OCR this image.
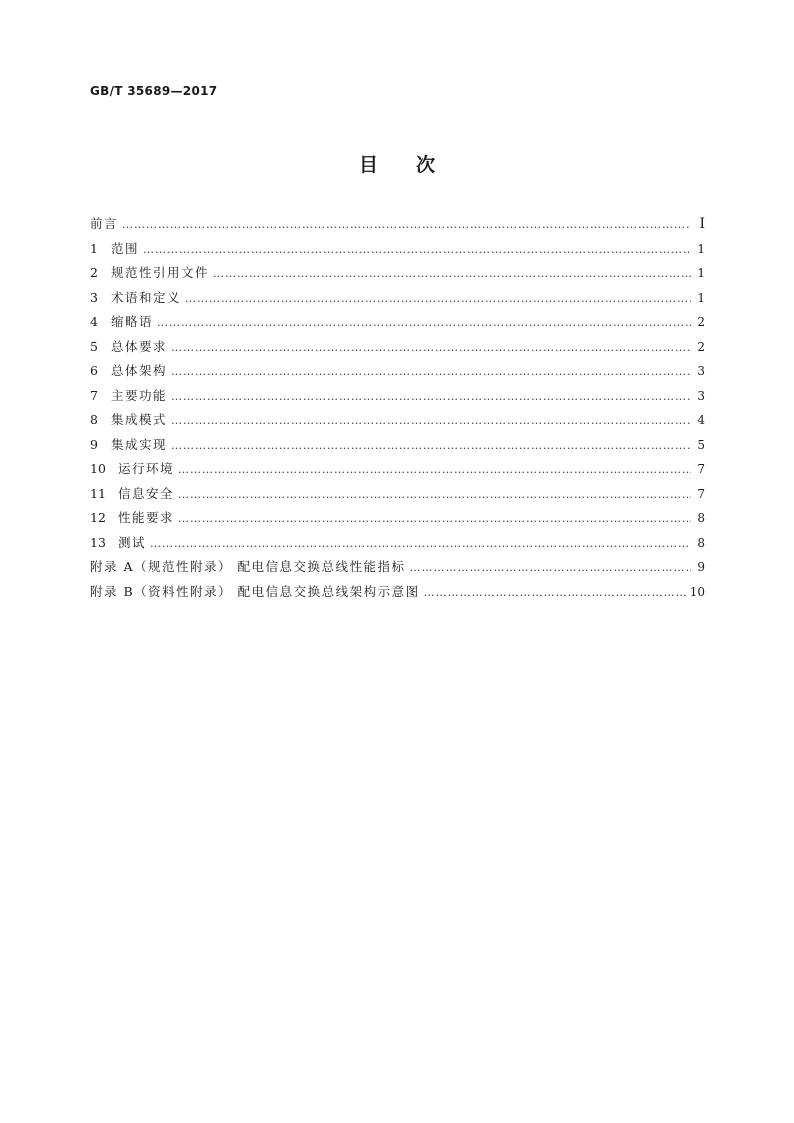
GB/T 35689—2017
目次
前言 ……………………………………………………………………………………………………………………………………………………………………………………………………………………………	I
1 范围 ……………………………………………………………………………………………………………………………………………………………………………………………………………………………	1
2 规范性引用文件 ……………………………………………………………………………………………………………………………………………………………………………………………………………………………	1
3 术语和定义 ……………………………………………………………………………………………………………………………………………………………………………………………………………………………	1
4 缩略语 ……………………………………………………………………………………………………………………………………………………………………………………………………………………………	2
5 总体要求 ……………………………………………………………………………………………………………………………………………………………………………………………………………………………	2
6 总体架构 ……………………………………………………………………………………………………………………………………………………………………………………………………………………………	3
7 主要功能 ……………………………………………………………………………………………………………………………………………………………………………………………………………………………	3
8 集成模式 ……………………………………………………………………………………………………………………………………………………………………………………………………………………………	4
9 集成实现 ……………………………………………………………………………………………………………………………………………………………………………………………………………………………	5
10 运行环境 ……………………………………………………………………………………………………………………………………………………………………………………………………………………………	7
11 信息安全 ……………………………………………………………………………………………………………………………………………………………………………………………………………………………	7
12 性能要求 ……………………………………………………………………………………………………………………………………………………………………………………………………………………………	8
13 测试 ……………………………………………………………………………………………………………………………………………………………………………………………………………………………	8
附录 A（规范性附录） 配电信息交换总线性能指标 ……………………………………………………………………………………………………………………………………………………………………………………………………………………………	9
附录 B（资料性附录） 配电信息交换总线架构示意图 ……………………………………………………………………………………………………………………………………………………………………………………………………………………………	10
